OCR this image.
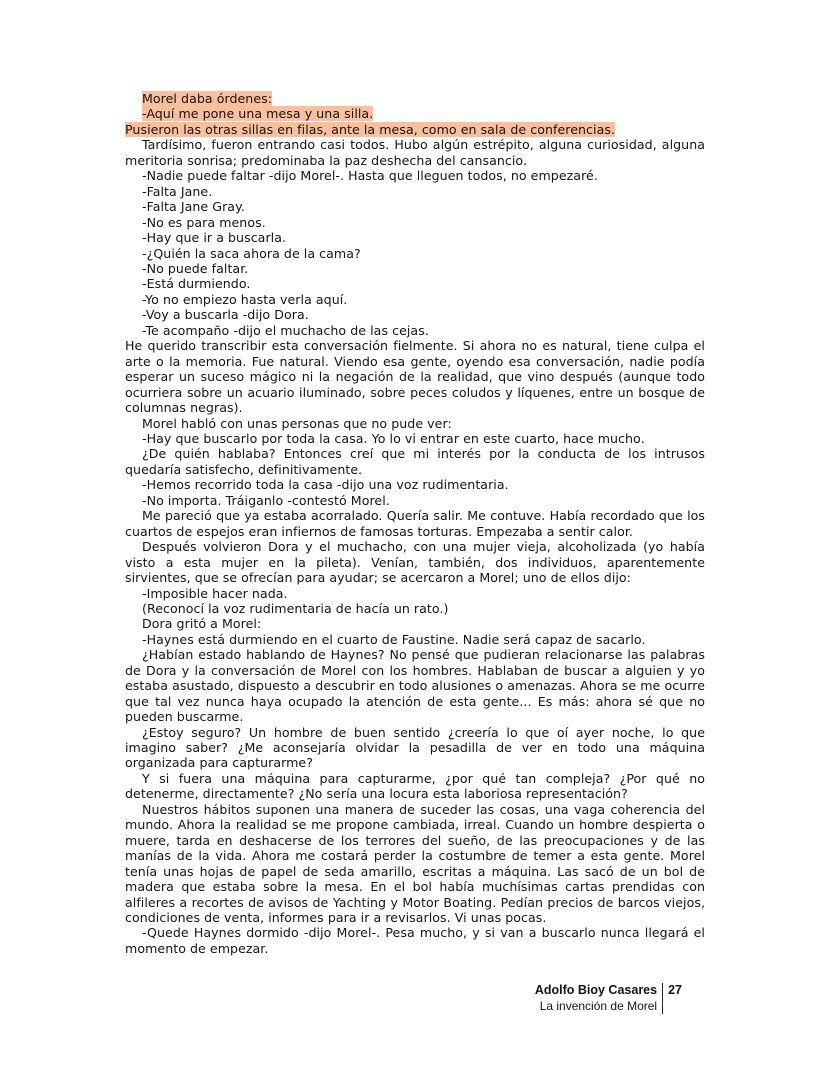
Morel daba órdenes:

-Aquí me pone una mesa y una silla.

Pusieron las otras sillas en filas, ante la mesa, como en sala de conferencias.

Tardísimo, fueron entrando casi todos. Hubo algún estrépito, alguna curiosidad, alguna meritoria sonrisa; predominaba la paz deshecha del cansancio.

-Nadie puede faltar -dijo Morel-. Hasta que lleguen todos, no empezaré.

-Falta Jane.

-Falta Jane Gray.

-No es para menos.

-Hay que ir a buscarla.

-¿Quién la saca ahora de la cama?

-No puede faltar.

-Está durmiendo.

-Yo no empiezo hasta verla aquí.

-Voy a buscarla -dijo Dora.

-Te acompaño -dijo el muchacho de las cejas.

He querido transcribir esta conversación fielmente. Si ahora no es natural, tiene culpa el arte o la memoria. Fue natural. Viendo esa gente, oyendo esa conversación, nadie podía esperar un suceso mágico ni la negación de la realidad, que vino después (aunque todo ocurriera sobre un acuario iluminado, sobre peces coludos y líquenes, entre un bosque de columnas negras).

Morel habló con unas personas que no pude ver:

-Hay que buscarlo por toda la casa. Yo lo vi entrar en este cuarto, hace mucho.

¿De quién hablaba? Entonces creí que mi interés por la conducta de los intrusos quedaría satisfecho, definitivamente.

-Hemos recorrido toda la casa -dijo una voz rudimentaria.

-No importa. Tráiganlo -contestó Morel.

Me pareció que ya estaba acorralado. Quería salir. Me contuve. Había recordado que los cuartos de espejos eran infiernos de famosas torturas. Empezaba a sentir calor.

Después volvieron Dora y el muchacho, con una mujer vieja, alcoholizada (yo había visto a esta mujer en la pileta). Venían, también, dos individuos, aparentemente sirvientes, que se ofrecían para ayudar; se acercaron a Morel; uno de ellos dijo:

-Imposible hacer nada.

(Reconocí la voz rudimentaria de hacía un rato.)

Dora gritó a Morel:

-Haynes está durmiendo en el cuarto de Faustine. Nadie será capaz de sacarlo.

¿Habían estado hablando de Haynes? No pensé que pudieran relacionarse las palabras de Dora y la conversación de Morel con los hombres. Hablaban de buscar a alguien y yo estaba asustado, dispuesto a descubrir en todo alusiones o amenazas. Ahora se me ocurre que tal vez nunca haya ocupado la atención de esta gente... Es más: ahora sé que no pueden buscarme.

¿Estoy seguro? Un hombre de buen sentido ¿creería lo que oí ayer noche, lo que imagino saber? ¿Me aconsejaría olvidar la pesadilla de ver en todo una máquina organizada para capturarme?

Y si fuera una máquina para capturarme, ¿por qué tan compleja? ¿Por qué no detenerme, directamente? ¿No sería una locura esta laboriosa representación?

Nuestros hábitos suponen una manera de suceder las cosas, una vaga coherencia del mundo. Ahora la realidad se me propone cambiada, irreal. Cuando un hombre despierta o muere, tarda en deshacerse de los terrores del sueño, de las preocupaciones y de las manías de la vida. Ahora me costará perder la costumbre de temer a esta gente. Morel tenía unas hojas de papel de seda amarillo, escritas a máquina. Las sacó de un bol de madera que estaba sobre la mesa. En el bol había muchísimas cartas prendidas con alfileres a recortes de avisos de Yachting y Motor Boating. Pedían precios de barcos viejos, condiciones de venta, informes para ir a revisarlos. Vi unas pocas.

-Quede Haynes dormido -dijo Morel-. Pesa mucho, y si van a buscarlo nunca llegará el momento de empezar.

Adolfo Bioy Casares
La invención de Morel
27
